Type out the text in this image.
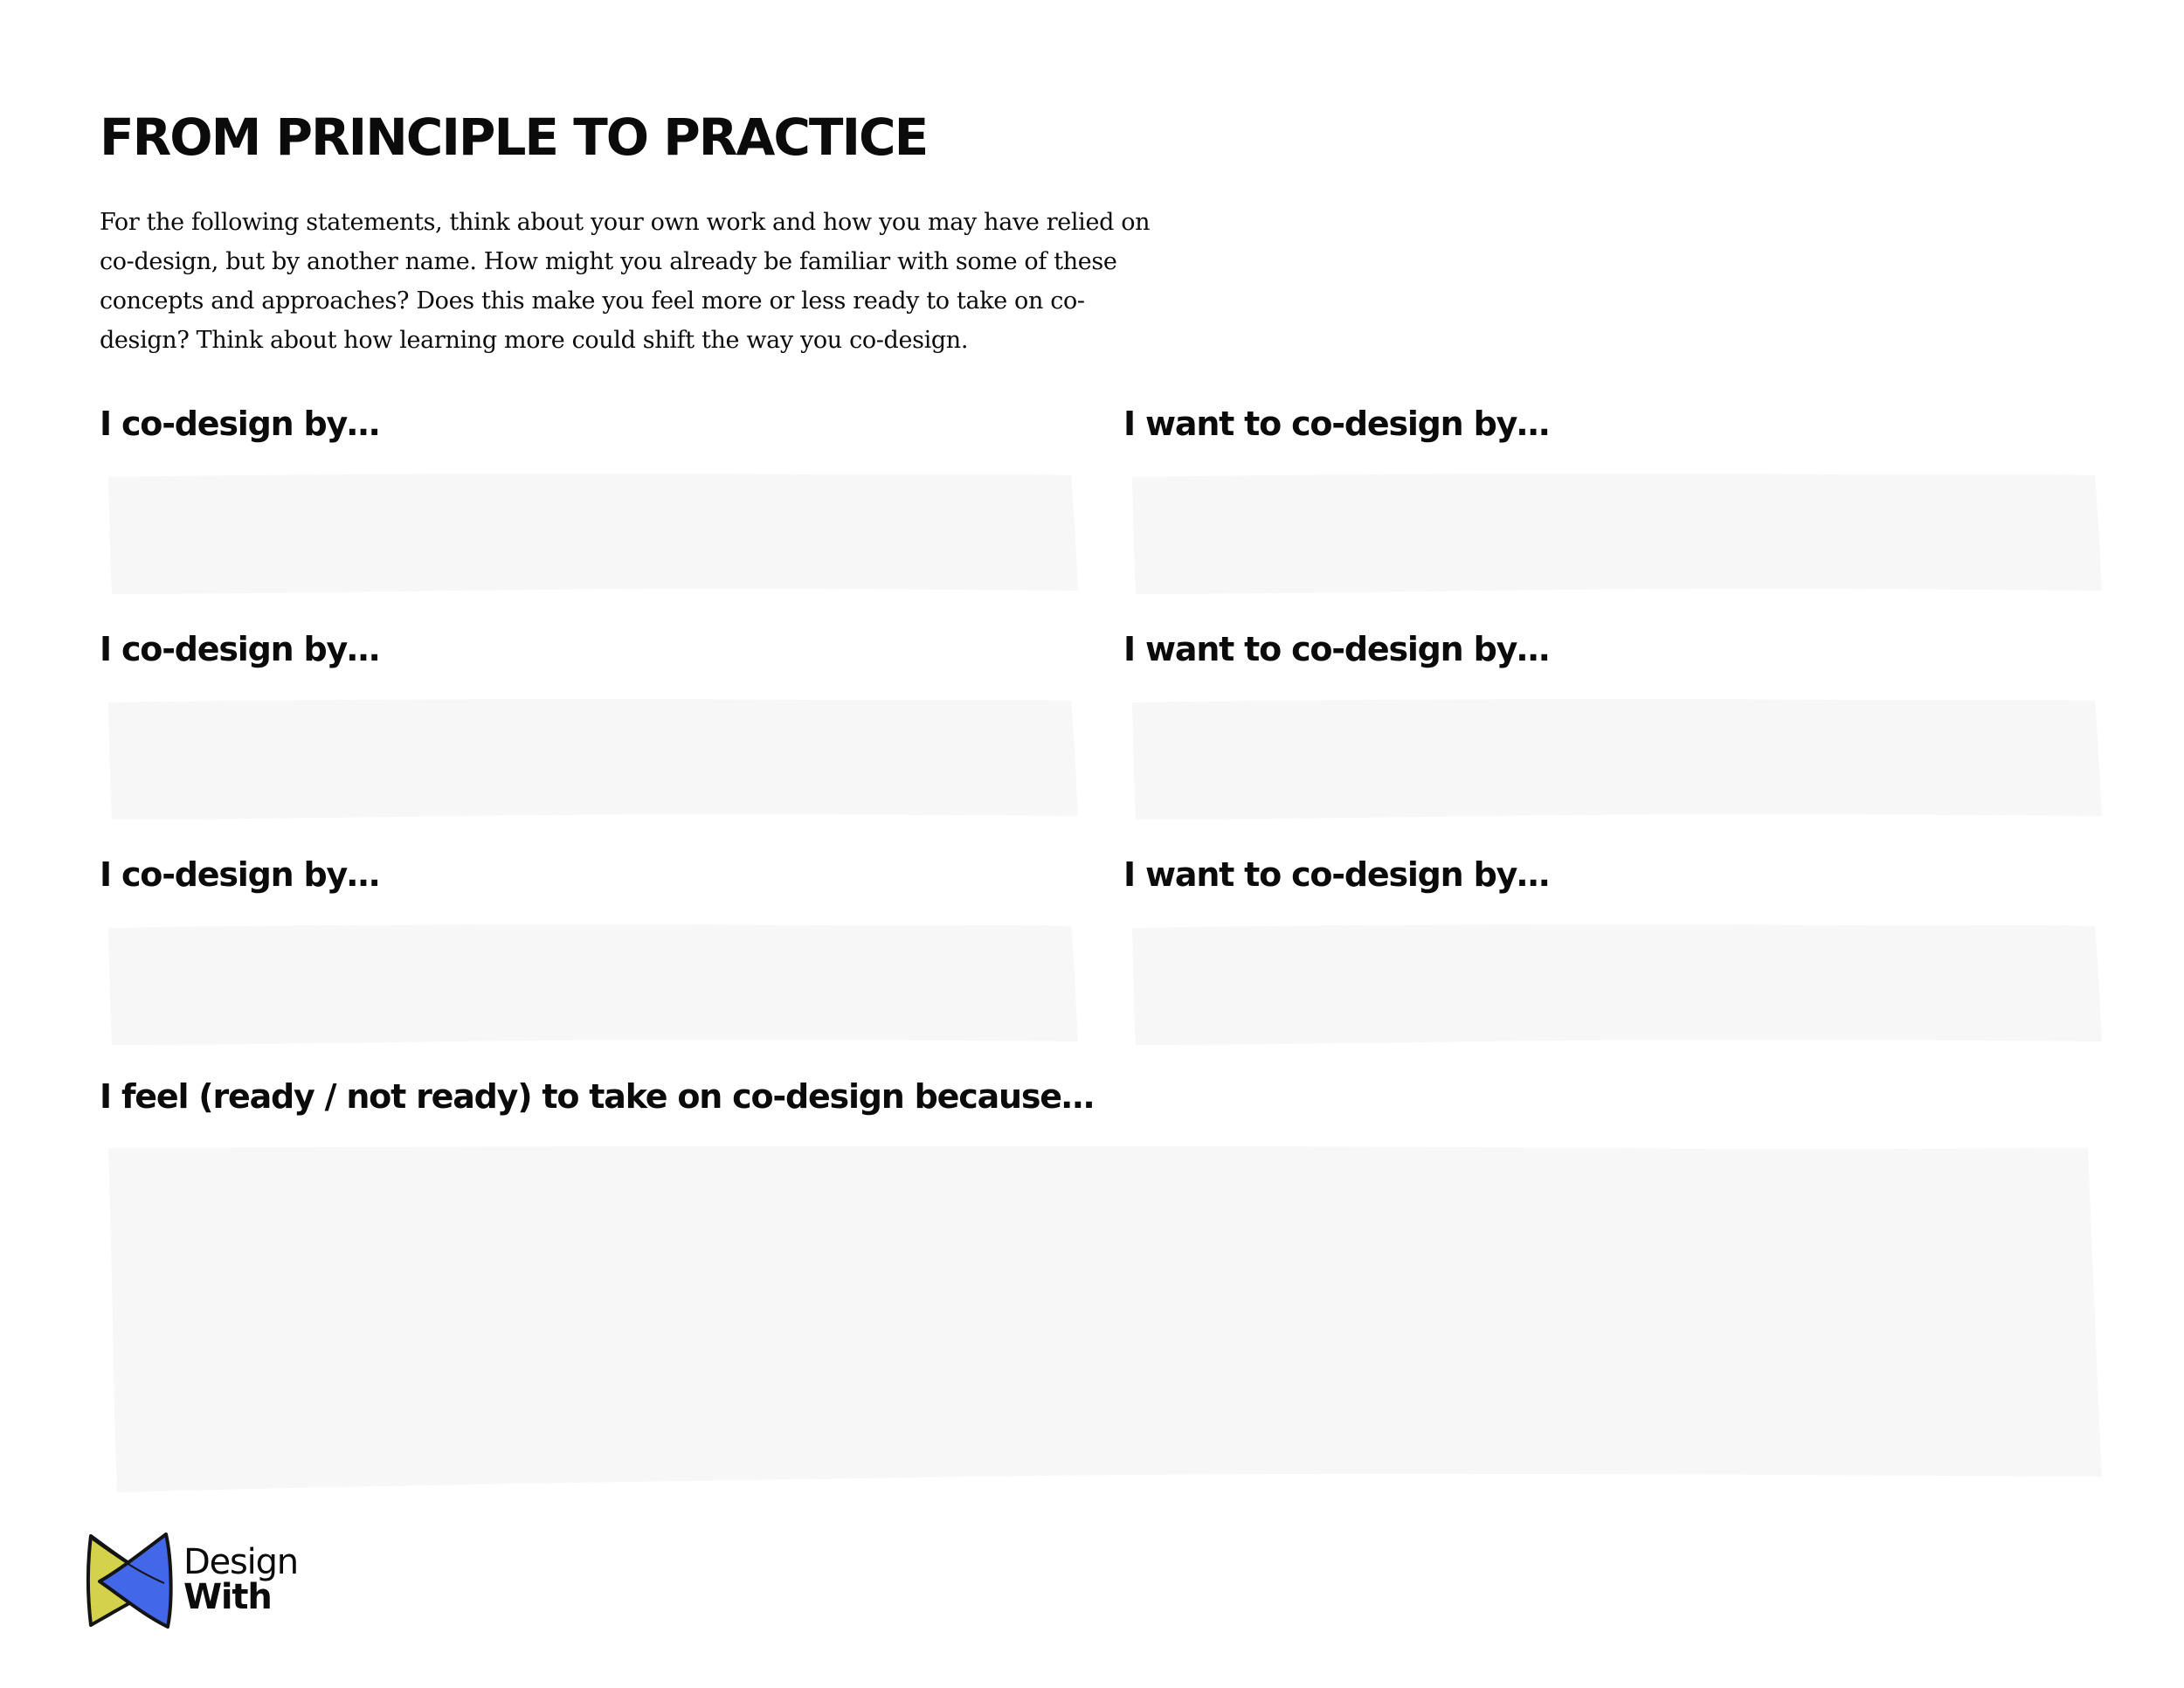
FROM PRINCIPLE TO PRACTICE

For the following statements, think about your own work and how you may have relied on co-design, but by another name. How might you already be familiar with some of these concepts and approaches? Does this make you feel more or less ready to take on co-design? Think about how learning more could shift the way you co-design.

I co-design by…	I want to co-design by…
I co-design by…	I want to co-design by…
I co-design by…	I want to co-design by…
I feel (ready / not ready) to take on co-design because…
Design
With
